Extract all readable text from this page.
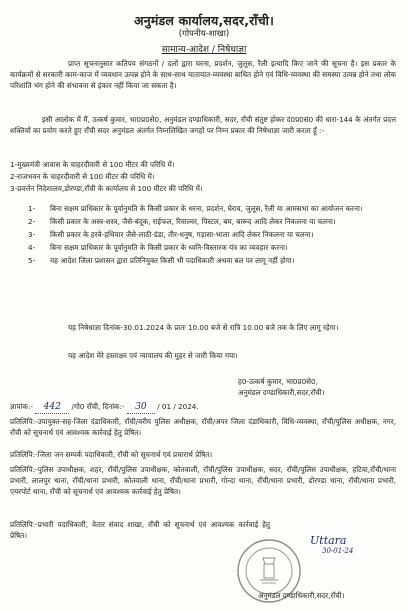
अनुमंडल कार्यालय,सदर,राँची।
(गोपनीय-शाखा)
सामान्य-आदेश / निषेधाज्ञा
प्राप्त सूचनानुसार कतिपय संगठनों / दलों द्वारा घरना, प्रदर्शन, जुलूस, रैली इत्यादि किए जाने की सूचना है। इस प्रकार के कार्यक्रमों से सरकारी काम-काज में व्यवधान उत्पन्न होने के साथ-साथ यातायात-व्यवस्था बाधित होने एवं विधि-व्यवस्था की समस्या उत्पन्न होने तथा लोक परिशांति भंग होने की संभावना से इंकार नहीं किया जा सकता है।
इसी आलोक में मैं, उत्कर्ष कुमार, भा0प्र0से0, अनुमंडल दण्डाधिकारी, सदर, राँची संतुष्ट होकर दं0प्र0सं0 की धारा-144 के अंतर्गत प्रदत्त शक्तियों का प्रयोग करते हुए राँची सदर अनुमंडल अंतर्गत निम्नलिखित जगहों पर निम्न प्रकार की निषेधाज्ञा जारी करता हूँ :-
1-मुख्यमंत्री आवास के चाहरदीवारी से 100 मीटर की परिधि में।
2-राजभवन के चाहरदीवारी से 100 मीटर की परिधि में।
3-प्रवर्त्तन निदेशालय,डोरण्डा,राँची के कार्यालय से 100 मीटर की परिधि में।
1-	बिना सक्षम प्राधिकार के पूर्वानुमति के किसी प्रकार के धरना, प्रदर्शन, घेराव, जुलूस, रैली या आमसभा का आयोजन करना।
2-	किसी प्रकार के अस्त्र-शस्त्र, जैसे-बंदूक, राईफल, रिवाल्वर, पिस्टल, बम, बारूद आदि लेकर निकलना या चलना।
3-	किसी प्रकार के हरवे-हथियार जैसे-लाठी-डंडा, तीर-धनुष, गड़ासा-भाला आदि लेकर निकलना या चलना।
4-	बिना सक्षम प्राधिकार के पूर्वानुमति के किसी प्रकार के ध्वनि-विस्तारक यंत्र का व्यवहार करना।
5-	यह आदेश जिला प्रशासन द्वारा प्रतिनियुक्त किसी भी पदाधिकारी अथवा बल पर लागू नहीं होगा।
यह निषेधाज्ञा दिनांक-30.01.2024 के प्रातः 10.00 बजे से रात्रि 10.00 बजे तक के लिए लागू रहेगा।
यह आदेश मेरे हस्ताक्षर एवं न्यायालय की मुहर से जारी किया गया।
ह0-उत्कर्ष कुमार, भा0प्र0से0,
अनुमंडल दण्डाधिकारी,सदर,राँची।
ज्ञापांक:- 442 /गो0 राँची, दिनांक:- 30 / 01 / 2024.
प्रतिलिपि:-उपायुक्त-सह-जिला दंडाधिकारी, राँची/वरीय पुलिस अधीक्षक, राँची/अपर जिला दंडाधिकारी, विधि-व्यवस्था, राँची/पुलिस अधीक्षक, नगर, राँची को सूचनार्थ एवं आवश्यक कार्रवाई हेतु प्रेषित।
प्रतिलिपि:-जिला जन सम्पर्क पदाधिकारी, राँची को सूचनार्थ एवं प्रचारार्थ प्रेषित।
प्रतिलिपि:-पुलिस उपाधीक्षक, शहर, राँची/पुलिस उपाधीक्षक, कोतवाली, राँची/पुलिस उपाधीक्षक, सदर, राँची/पुलिस उपाधीक्षक, हटिया,राँची/थाना प्रभारी, लालपुर थाना, राँची/थाना प्रभारी, कोतवाली थाना, राँची/थाना प्रभारी, गोन्दा थाना, राँची/थाना प्रभारी, डोरण्डा थाना, राँची/थाना प्रभारी, एयरपोर्ट थाना, राँची को सूचनार्थ एवं आवश्यक कार्रवाई हेतु प्रेषित।
प्रतिलिपि:-प्रभारी पदाधिकारी, वेतार संवाद शाखा, राँची को सूचनार्थ एवं आवश्यक कार्रवाई हेतु प्रेषित।	Uttara
30-01-24
अनुमंडल दण्डाधिकारी,सदर,राँची।
